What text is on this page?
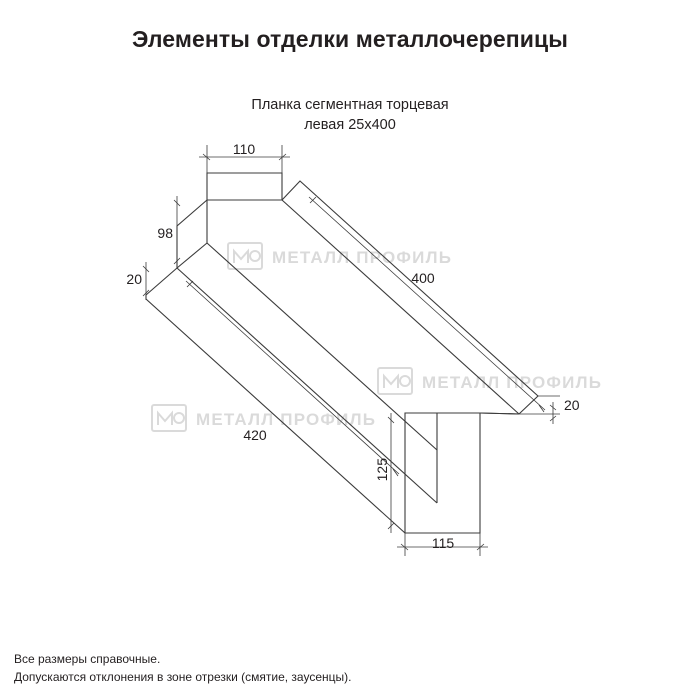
Элементы отделки металлочерепицы
Планка сегментная торцевая
левая 25х400
МЕТАЛЛ ПРОФИЛЬ
МЕТАЛЛ ПРОФИЛЬ
МЕТАЛЛ ПРОФИЛЬ
110
98
20	400
20
420
125
115
Все размеры справочные.
Допускаются отклонения в зоне отрезки (смятие, заусенцы).
